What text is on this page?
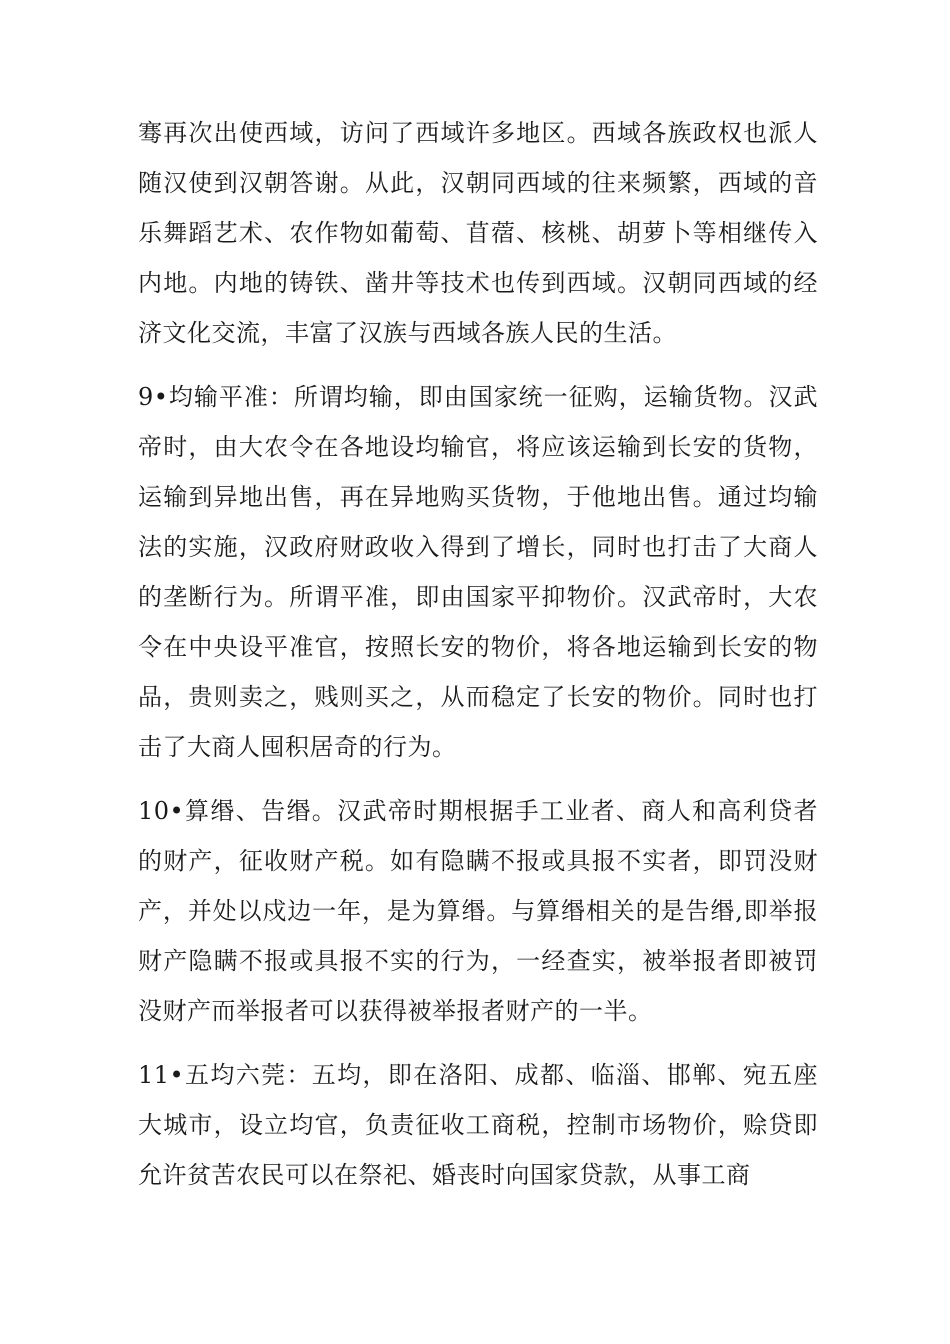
骞再次出使西域，访问了西域许多地区。西域各族政权也派人随汉使到汉朝答谢。从此，汉朝同西域的往来频繁，西域的音乐舞蹈艺术、农作物如葡萄、苜蓿、核桃、胡萝卜等相继传入内地。内地的铸铁、凿井等技术也传到西域。汉朝同西域的经济文化交流，丰富了汉族与西域各族人民的生活。

9•均输平准：所谓均输，即由国家统一征购，运输货物。汉武帝时，由大农令在各地设均输官，将应该运输到长安的货物，运输到异地出售，再在异地购买货物，于他地出售。通过均输法的实施，汉政府财政收入得到了增长，同时也打击了大商人的垄断行为。所谓平准，即由国家平抑物价。汉武帝时，大农令在中央设平准官，按照长安的物价，将各地运输到长安的物品，贵则卖之，贱则买之，从而稳定了长安的物价。同时也打击了大商人囤积居奇的行为。

10•算缗、告缗。汉武帝时期根据手工业者、商人和高利贷者的财产，征收财产税。如有隐瞒不报或具报不实者，即罚没财产，并处以戍边一年，是为算缗。与算缗相关的是告缗,即举报财产隐瞒不报或具报不实的行为，一经查实，被举报者即被罚没财产而举报者可以获得被举报者财产的一半。

11•五均六莞：五均，即在洛阳、成都、临淄、邯郸、宛五座大城市，设立均官，负责征收工商税，控制市场物价，赊贷即允许贫苦农民可以在祭祀、婚丧时向国家贷款，从事工商
